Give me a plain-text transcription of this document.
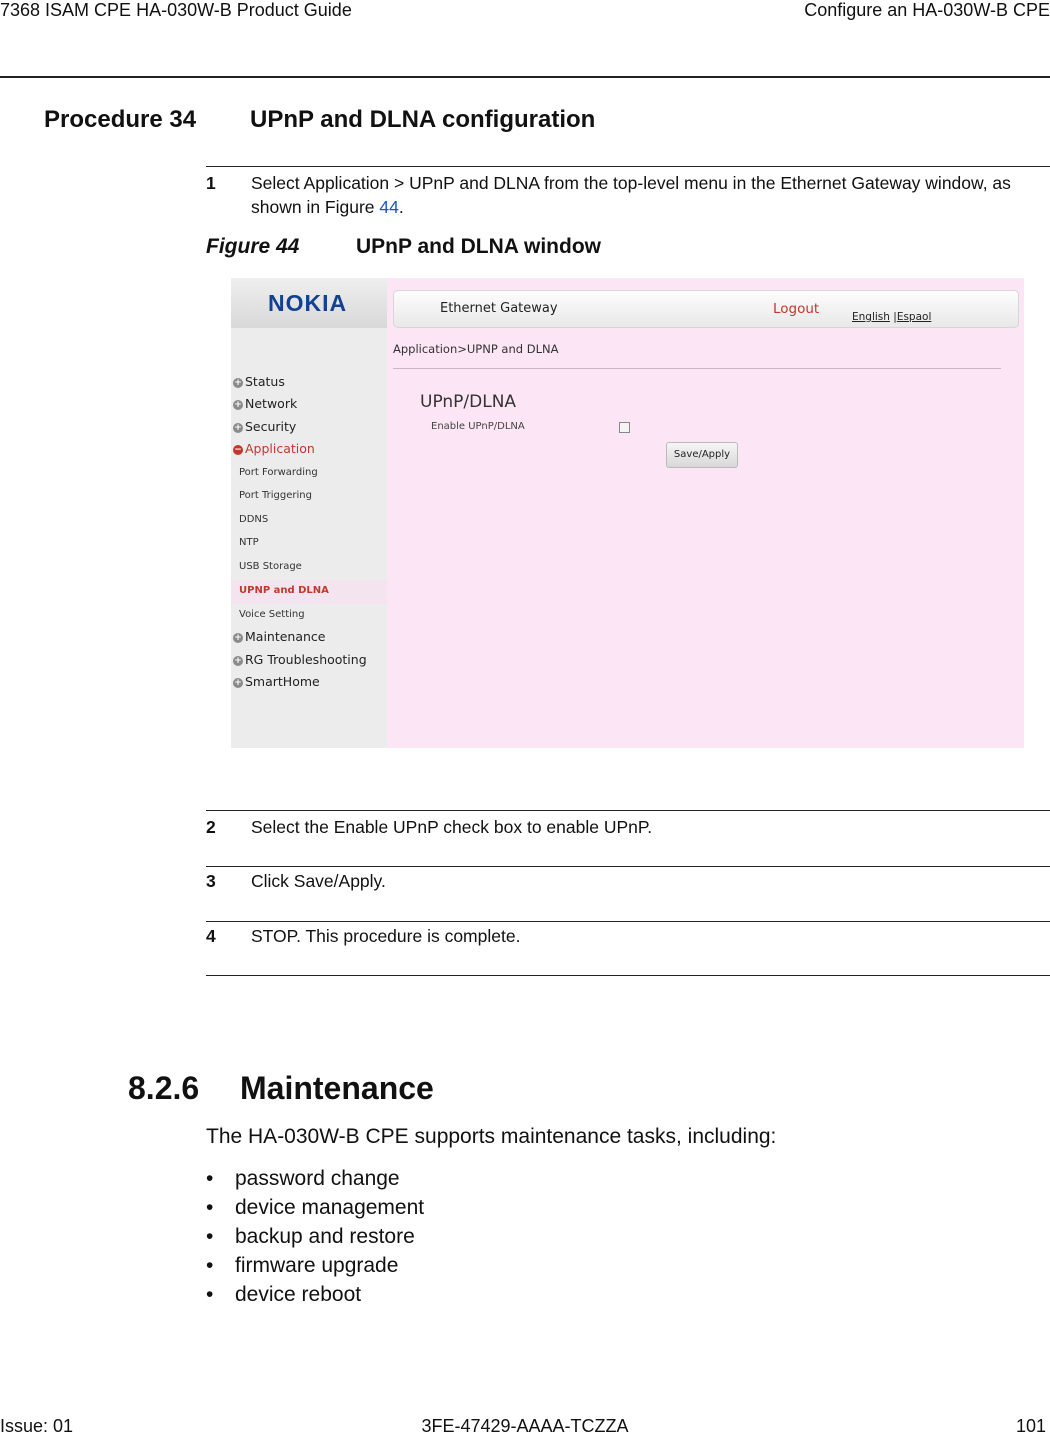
7368 ISAM CPE HA-030W-B Product Guide	Configure an HA-030W-B CPE
Procedure 34 UPnP and DLNA configuration
1 Select Application > UPnP and DLNA from the top-level menu in the Ethernet Gateway window, as shown in Figure 44.
Figure 44	UPnP and DLNA window
NOKIA	Ethernet Gateway	Logout	English |Espaol
Application>UPNP and DLNA
UPnP/DLNA
Enable UPnP/DLNA
Save/Apply
+ Status
+ Network
+ Security
− Application
Port Forwarding
Port Triggering
DDNS
NTP
USB Storage
UPNP and DLNA
Voice Setting
+ Maintenance
+ RG Troubleshooting
+ SmartHome
2 Select the Enable UPnP check box to enable UPnP.
3 Click Save/Apply.
4 STOP. This procedure is complete.
8.2.6 Maintenance
The HA-030W-B CPE supports maintenance tasks, including:
• password change
• device management
• backup and restore
• firmware upgrade
• device reboot
Issue: 01	3FE-47429-AAAA-TCZZA	101
